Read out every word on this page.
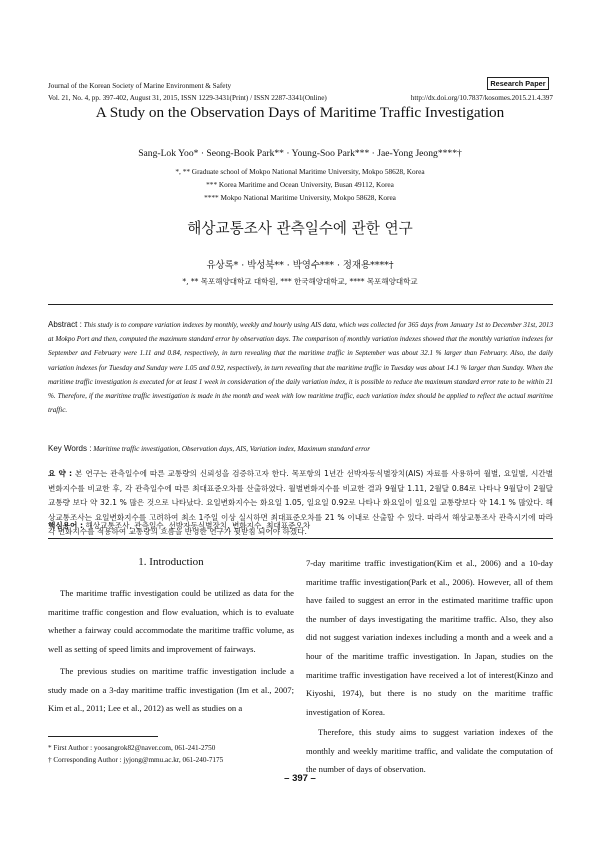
Journal of the Korean Society of Marine Environment & Safety	Research Paper
Vol. 21, No. 4, pp. 397-402, August 31, 2015, ISSN 1229-3431(Print) / ISSN 2287-3341(Online)	http://dx.doi.org/10.7837/kosomes.2015.21.4.397
A Study on the Observation Days of Maritime Traffic Investigation
Sang-Lok Yoo* · Seong-Book Park** · Young-Soo Park*** · Jae-Yong Jeong****†
*, ** Graduate school of Mokpo National Maritime University, Mokpo 58628, Korea
*** Korea Maritime and Ocean University, Busan 49112, Korea
**** Mokpo National Maritime University, Mokpo 58628, Korea
해상교통조사 관측일수에 관한 연구
유상록* · 박성북** · 박영수*** · 정재용****†
*, ** 목포해양대학교 대학원, *** 한국해양대학교, **** 목포해양대학교
Abstract : This study is to compare variation indexes by monthly, weekly and hourly using AIS data, which was collected for 365 days from January 1st to December 31st, 2013 at Mokpo Port and then, computed the maximum standard error by observation days. The comparison of monthly variation indexes showed that the monthly variation indexes for September and February were 1.11 and 0.84, respectively, in turn revealing that the maritime traffic in September was about 32.1 % larger than February. Also, the daily variation indexes for Tuesday and Sunday were 1.05 and 0.92, respectively, in turn revealing that the maritime traffic in Tuesday was about 14.1 % larger than Sunday. When the maritime traffic investigation is executed for at least 1 week in consideration of the daily variation index, it is possible to reduce the maximum standard error rate to be within 21 %. Therefore, if the maritime traffic investigation is made in the month and week with low maritime traffic, each variation index should be applied to reflect the actual maritime traffic.
Key Words : Maritime traffic investigation, Observation days, AIS, Variation index, Maximum standard error
요 약 : 본 연구는 관측일수에 따른 교통량의 신뢰성을 검증하고자 한다. 목포항의 1년간 선박자동식별장치(AIS) 자료를 사용하여 월별, 요일별, 시간별 변화지수를 비교한 후, 각 관측일수에 따른 최대표준오차를 산출하였다. 월별변화지수를 비교한 결과 9월달 1.11, 2월달 0.84로 나타나 9월달이 2월달 교통량 보다 약 32.1 % 많은 것으로 나타났다. 요일변화지수는 화요일 1.05, 일요일 0.92로 나타나 화요일이 일요일 교통량보다 약 14.1 % 많았다. 해상교통조사는 요일변화지수를 고려하여 최소 1주일 이상 실시하면 최대표준오차를 21 % 이내로 산출할 수 있다. 따라서 해상교통조사 관측시기에 따라 각 변화지수를 적용하여 교통량의 흐름을 반영한 연구가 뒷받침 되어야 하겠다.
핵심용어 : 해상교통조사, 관측일수, 선박자동식별장치, 변화지수, 최대표준오차
1. Introduction
The maritime traffic investigation could be utilized as data for the maritime traffic congestion and flow evaluation, which is to evaluate whether a fairway could accommodate the maritime traffic volume, as well as setting of speed limits and improvement of fairways.
The previous studies on maritime traffic investigation include a study made on a 3-day maritime traffic investigation (Im et al., 2007; Kim et al., 2011; Lee et al., 2012) as well as studies on a
7-day maritime traffic investigation(Kim et al., 2006) and a 10-day maritime traffic investigation(Park et al., 2006). However, all of them have failed to suggest an error in the estimated maritime traffic upon the number of days investigating the maritime traffic. Also, they also did not suggest variation indexes including a month and a week and a hour of the maritime traffic investigation. In Japan, studies on the maritime traffic investigation have received a lot of interest(Kinzo and Kiyoshi, 1974), but there is no study on the maritime traffic investigation of Korea.
Therefore, this study aims to suggest variation indexes of the monthly and weekly maritime traffic, and validate the computation of the number of days of observation.
* First Author : yoosangrok82@naver.com, 061-241-2750
† Corresponding Author : jyjong@mmu.ac.kr, 061-240-7175
– 397 –
